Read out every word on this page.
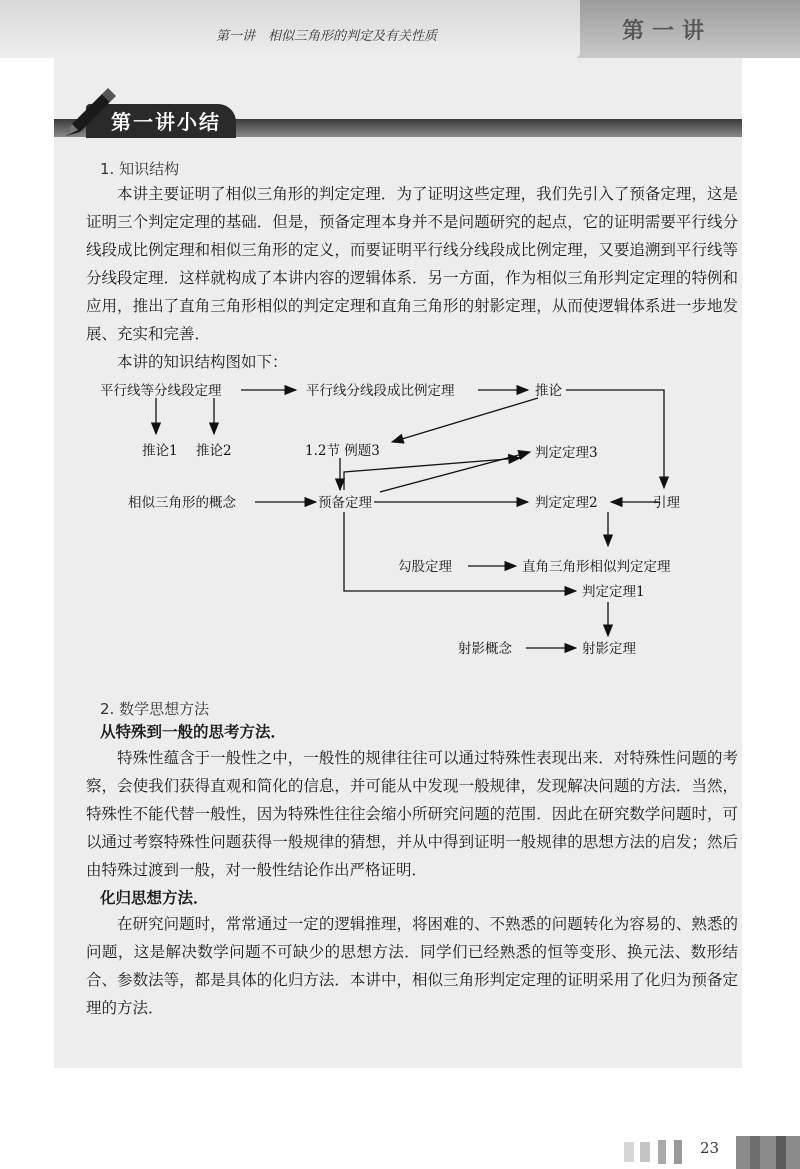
第一讲　相似三角形的判定及有关性质	第一讲
第一讲小结
1. 知识结构

本讲主要证明了相似三角形的判定定理．为了证明这些定理，我们先引入了预备定理，这是证明三个判定定理的基础．但是，预备定理本身并不是问题研究的起点，它的证明需要平行线分线段成比例定理和相似三角形的定义，而要证明平行线分线段成比例定理，又要追溯到平行线等分线段定理．这样就构成了本讲内容的逻辑体系．另一方面，作为相似三角形判定定理的特例和应用，推出了直角三角形相似的判定定理和直角三角形的射影定理，从而使逻辑体系进一步地发展、充实和完善．

本讲的知识结构图如下：

平行线等分线段定理	平行线分线段成比例定理	推论
推论1 推论2	1.2节 例题3	判定定理3
相似三角形的概念	预备定理	判定定理2	引理
勾股定理	直角三角形相似判定定理
判定定理1
射影概念	射影定理
2. 数学思想方法
从特殊到一般的思考方法．

特殊性蕴含于一般性之中，一般性的规律往往可以通过特殊性表现出来．对特殊性问题的考察，会使我们获得直观和简化的信息，并可能从中发现一般规律，发现解决问题的方法．当然，特殊性不能代替一般性，因为特殊性往往会缩小所研究问题的范围．因此在研究数学问题时，可以通过考察特殊性问题获得一般规律的猜想，并从中得到证明一般规律的思想方法的启发；然后由特殊过渡到一般，对一般性结论作出严格证明．

化归思想方法．

在研究问题时，常常通过一定的逻辑推理，将困难的、不熟悉的问题转化为容易的、熟悉的问题，这是解决数学问题不可缺少的思想方法．同学们已经熟悉的恒等变形、换元法、数形结合、参数法等，都是具体的化归方法．本讲中，相似三角形判定定理的证明采用了化归为预备定理的方法．

23
